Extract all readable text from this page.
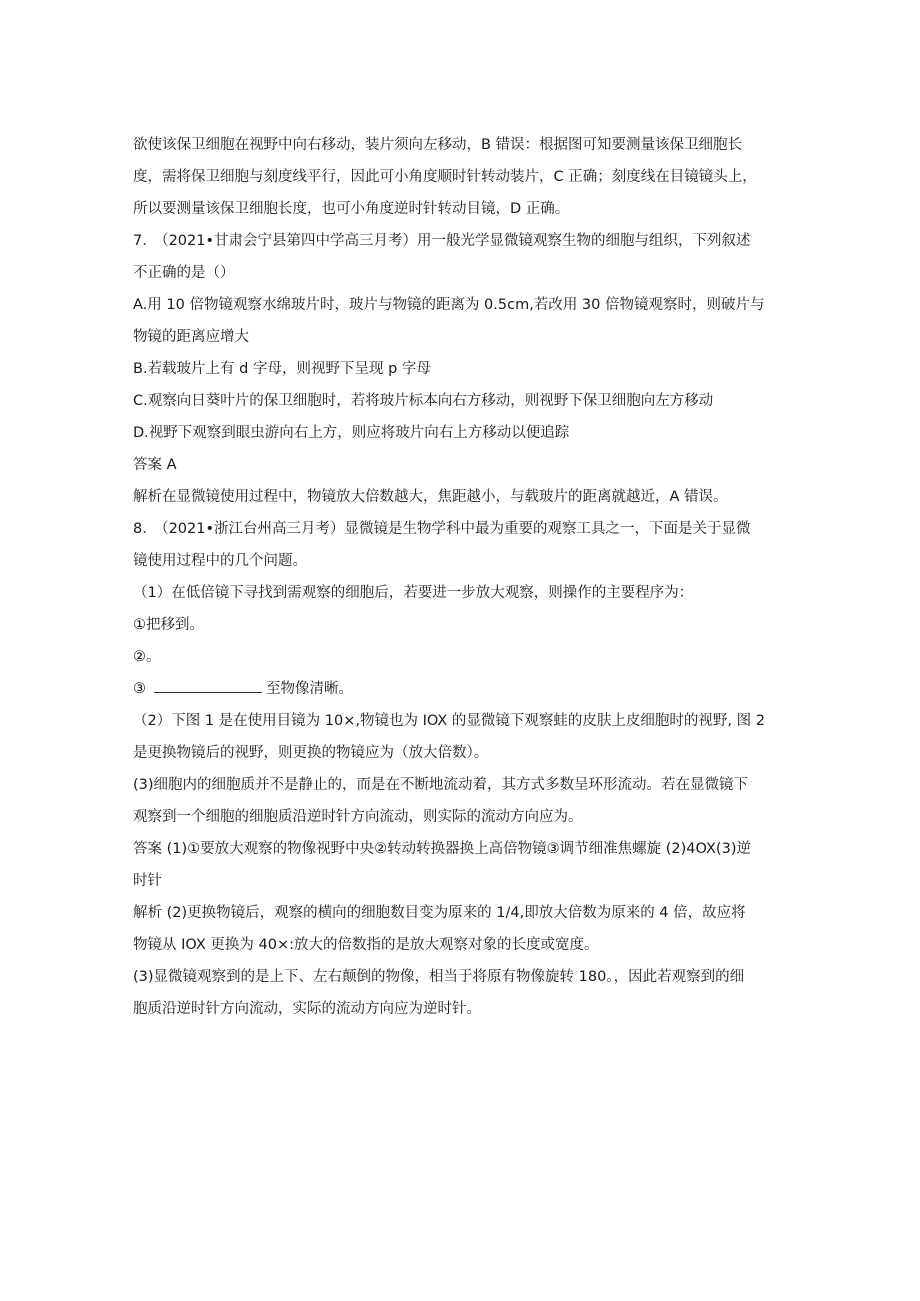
欲使该保卫细胞在视野中向右移动，装片须向左移动，B 错误：根据图可知要测量该保卫细胞长
度，需将保卫细胞与刻度线平行，因此可小角度顺时针转动装片，C 正确；刻度线在目镜镜头上，
所以要测量该保卫细胞长度，也可小角度逆时针转动目镜，D 正确。
7.　（2021•甘肃会宁县第四中学高三月考）用一般光学显微镜观察生物的细胞与组织，下列叙述
不正确的是（）
A.用 10 倍物镜观察水绵玻片时，玻片与物镜的距离为 0.5cm,若改用 30 倍物镜观察时，则破片与
物镜的距离应增大
B.若载玻片上有 d 字母，则视野下呈现 p 字母
C.观察向日葵叶片的保卫细胞时，若将玻片标本向右方移动，则视野下保卫细胞向左方移动
D.视野下观察到眼虫游向右上方，则应将玻片向右上方移动以便追踪
答案 A
解析在显微镜使用过程中，物镜放大倍数越大，焦距越小，与载玻片的距离就越近，A 错误。
8.　（2021•浙江台州高三月考）显微镜是生物学科中最为重要的观察工具之一，下面是关于显微
镜使用过程中的几个问题。
（1）在低倍镜下寻找到需观察的细胞后，若要进一步放大观察，则操作的主要程序为：
①把移到。
②。
③	至物像清晰。
（2）下图 1 是在使用目镜为 10×,物镜也为 IOX 的显微镜下观察蛙的皮肤上皮细胞时的视野, 图 2
是更换物镜后的视野，则更换的物镜应为（放大倍数）。
(3)细胞内的细胞质并不是静止的，而是在不断地流动着，其方式多数呈环形流动。若在显微镜下
观察到一个细胞的细胞质沿逆时针方向流动，则实际的流动方向应为。
答案 (1)①要放大观察的物像视野中央②转动转换器换上高倍物镜③调节细准焦螺旋 (2)4OX(3)逆
时针
解析 (2)更换物镜后，观察的横向的细胞数目变为原来的 1/4,即放大倍数为原来的 4 倍，故应将
物镜从 IOX 更换为 40×:放大的倍数指的是放大观察对象的长度或宽度。
(3)显微镜观察到的是上下、左右颠倒的物像，相当于将原有物像旋转 180。，因此若观察到的细
胞质沿逆时针方向流动，实际的流动方向应为逆时针。
